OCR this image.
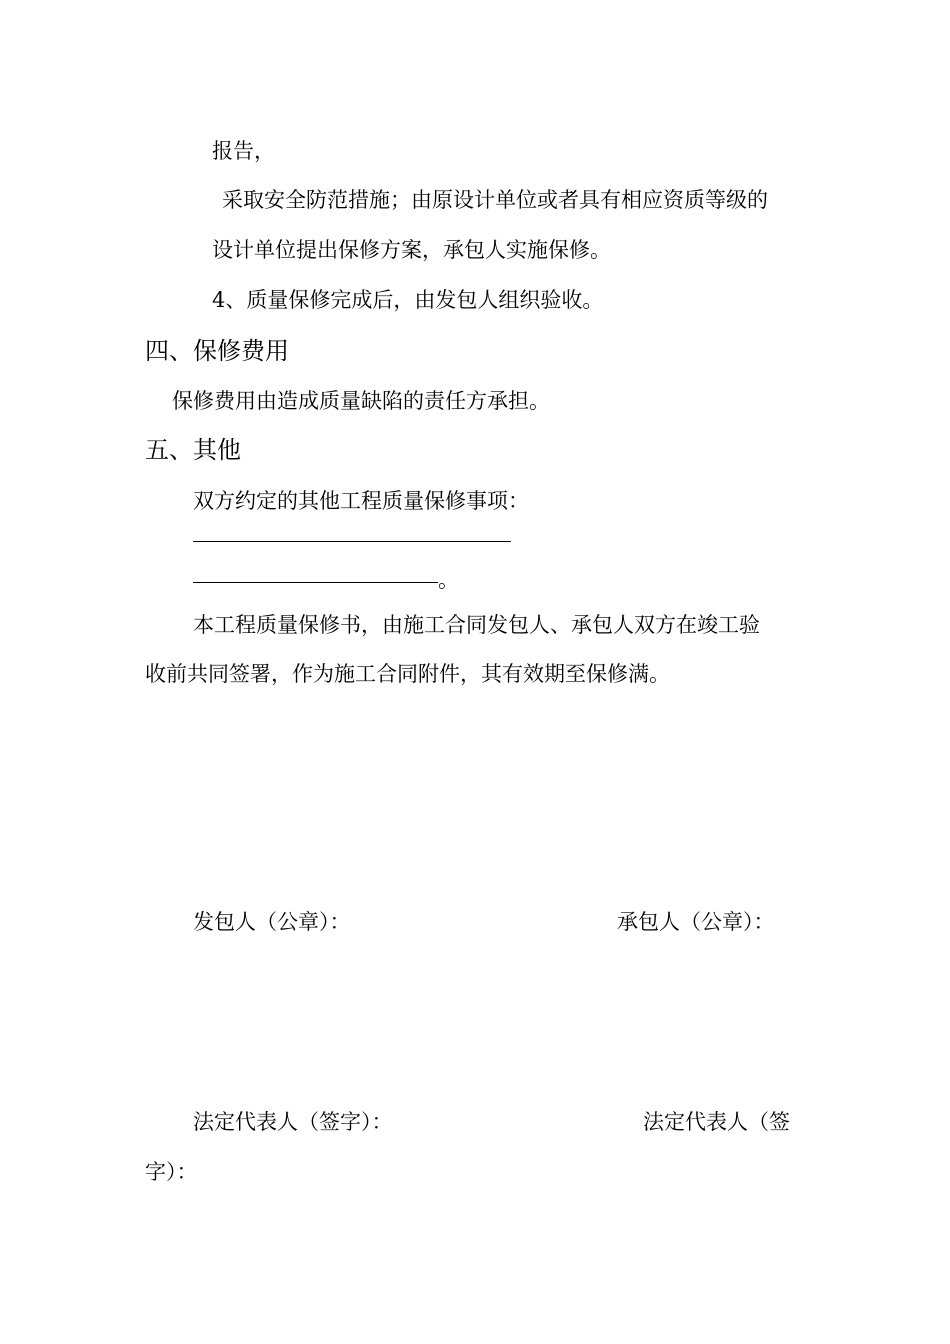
报告，
采取安全防范措施；由原设计单位或者具有相应资质等级的
设计单位提出保修方案，承包人实施保修。
4、质量保修完成后，由发包人组织验收。
四、保修费用
保修费用由造成质量缺陷的责任方承担。
五、其他
双方约定的其他工程质量保修事项：
。
本工程质量保修书，由施工合同发包人、承包人双方在竣工验
收前共同签署，作为施工合同附件，其有效期至保修满。
发包人（公章）：	承包人（公章）：
法定代表人（签字）：	法定代表人（签
字）：
